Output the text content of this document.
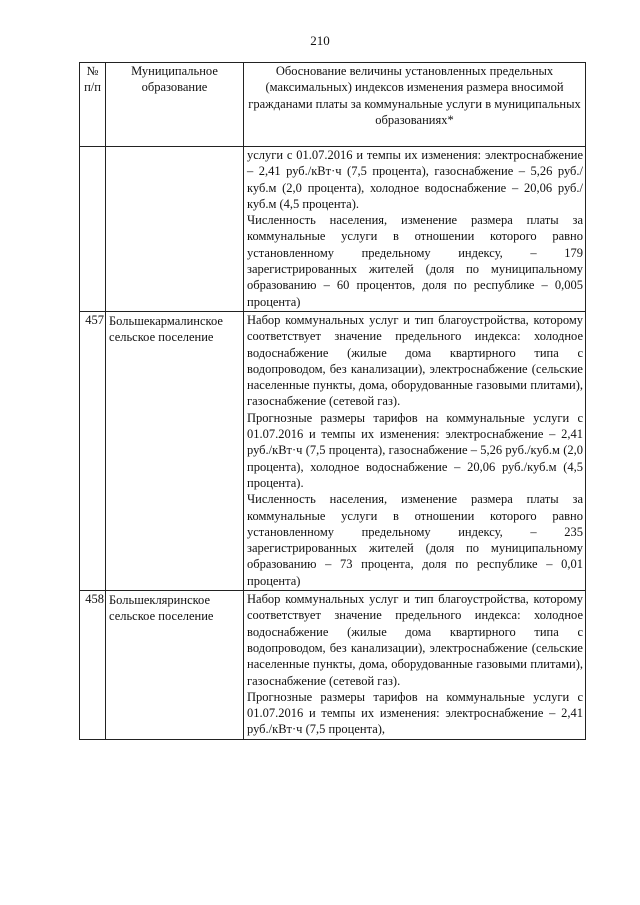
210
№ п/п	Муниципальное образование	Обоснование величины установленных предельных (максимальных) индексов изменения размера вносимой гражданами платы за коммунальные услуги в муниципальных образованиях*

		услуги с 01.07.2016 и темпы их изменения: электроснабжение – 2,41 руб./кВт·ч (7,5 процента), газоснабжение – 5,26 руб./куб.м (2,0 процента), холодное водоснабжение – 20,06 руб./куб.м (4,5 процента).
Численность населения, изменение размера платы за коммунальные услуги в отношении которого равно установленному предельному индексу, – 179 зарегистрированных жителей (доля по муниципальному образованию – 60 процентов, доля по республике – 0,005 процента)

457	Большекармалинское сельское поселение	Набор коммунальных услуг и тип благоустройства, которому соответствует значение предельного индекса: холодное водоснабжение (жилые дома квартирного типа с водопроводом, без канализации), электроснабжение (сельские населенные пункты, дома, оборудованные газовыми плитами), газоснабжение (сетевой газ).
Прогнозные размеры тарифов на коммунальные услуги с 01.07.2016 и темпы их изменения: электроснабжение – 2,41 руб./кВт·ч (7,5 процента), газоснабжение – 5,26 руб./куб.м (2,0 процента), холодное водоснабжение – 20,06 руб./куб.м (4,5 процента).
Численность населения, изменение размера платы за коммунальные услуги в отношении которого равно установленному предельному индексу, – 235 зарегистрированных жителей (доля по муниципальному образованию – 73 процента, доля по республике – 0,01 процента)

458	Большекляринское сельское поселение	Набор коммунальных услуг и тип благоустройства, которому соответствует значение предельного индекса: холодное водоснабжение (жилые дома квартирного типа с водопроводом, без канализации), электроснабжение (сельские населенные пункты, дома, оборудованные газовыми плитами), газоснабжение (сетевой газ).
Прогнозные размеры тарифов на коммунальные услуги с 01.07.2016 и темпы их изменения: электроснабжение – 2,41 руб./кВт·ч (7,5 процента),
